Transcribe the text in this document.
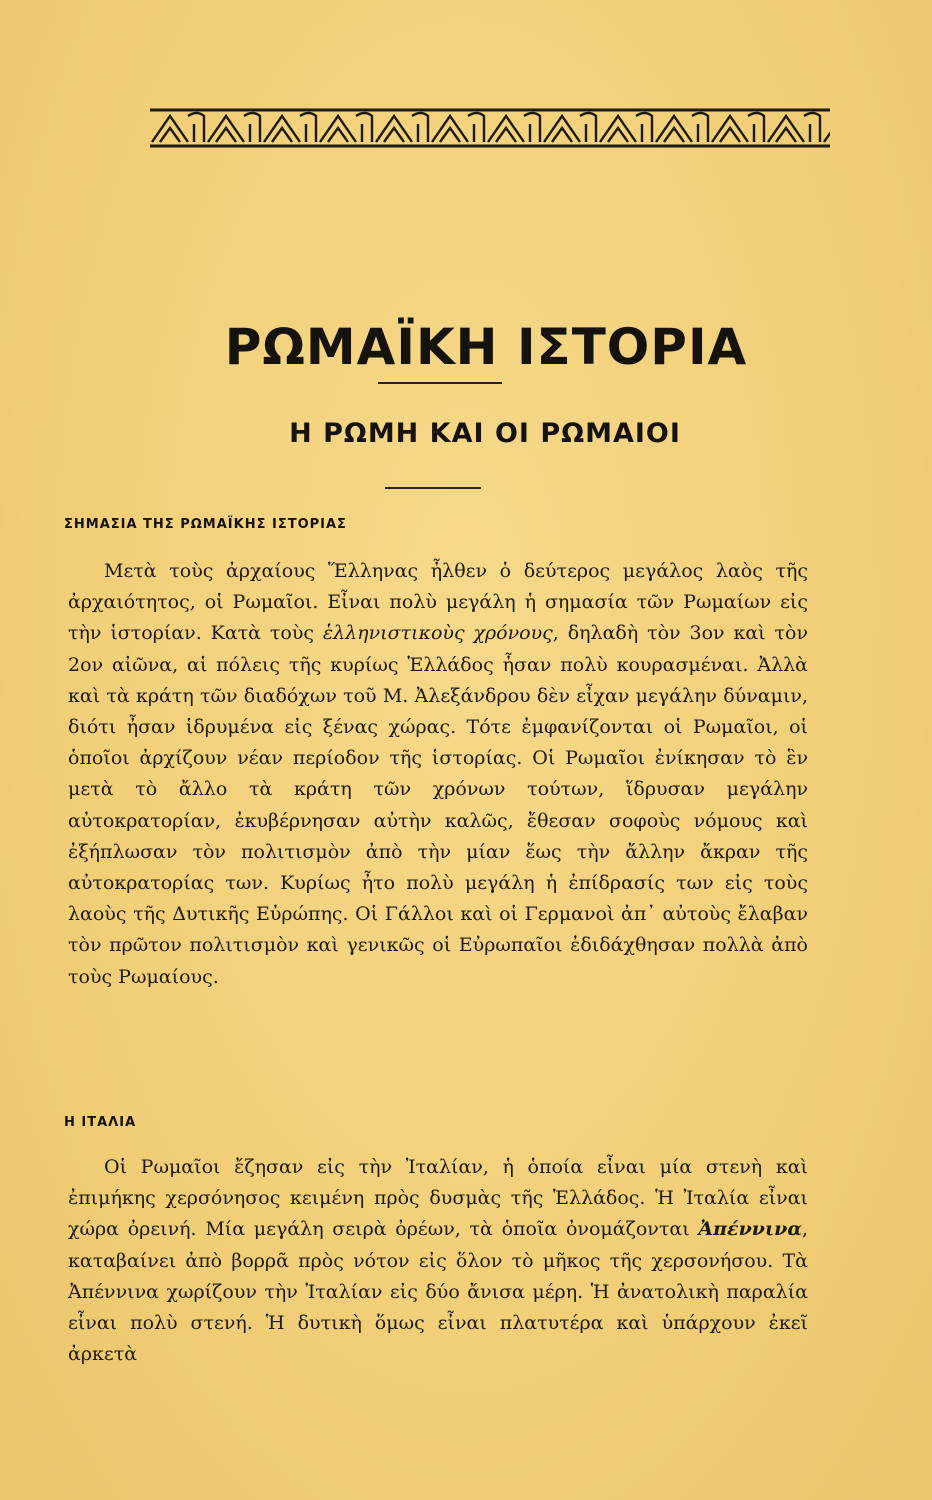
ΡΩΜΑΪΚΗ ΙΣΤΟΡΙΑ
Η ΡΩΜΗ ΚΑΙ ΟΙ ΡΩΜΑΙΟΙ
ΣΗΜΑΣΙΑ ΤΗΣ ΡΩΜΑΪΚΗΣ ΙΣΤΟΡΙΑΣ
Μετὰ τοὺς ἀρχαίους Ἕλληνας ἦλθεν ὁ δεύτερος μεγάλος λαὸς τῆς ἀρχαιότητος, οἱ Ρωμαῖοι. Εἶναι πολὺ μεγάλη ἡ σημασία τῶν Ρωμαίων εἰς τὴν ἱστορίαν. Κατὰ τοὺς ἑλληνιστικοὺς χρόνους, δηλαδὴ τὸν 3ον καὶ τὸν 2ον αἰῶνα, αἱ πόλεις τῆς κυρίως Ἑλλάδος ἦσαν πολὺ κουρασμέναι. Ἀλλὰ καὶ τὰ κράτη τῶν διαδόχων τοῦ Μ. Ἀλεξάνδρου δὲν εἶχαν μεγάλην δύναμιν, διότι ἦσαν ἱδρυμένα εἰς ξένας χώρας. Τότε ἐμφανίζονται οἱ Ρωμαῖοι, οἱ ὁποῖοι ἀρχίζουν νέαν περίοδον τῆς ἱστορίας. Οἱ Ρωμαῖοι ἐνίκησαν τὸ ἓν μετὰ τὸ ἄλλο τὰ κράτη τῶν χρόνων τούτων, ἵδρυσαν μεγάλην αὐτοκρατορίαν, ἐκυβέρνησαν αὐτὴν καλῶς, ἔθεσαν σοφοὺς νόμους καὶ ἐξήπλωσαν τὸν πολιτισμὸν ἀπὸ τὴν μίαν ἕως τὴν ἄλλην ἄκραν τῆς αὐτοκρατορίας των. Κυρίως ἦτο πολὺ μεγάλη ἡ ἐπίδρασίς των εἰς τοὺς λαοὺς τῆς Δυτικῆς Εὐρώπης. Οἱ Γάλλοι καὶ οἱ Γερμανοὶ ἀπ᾿ αὐτοὺς ἔλαβαν τὸν πρῶτον πολιτισμὸν καὶ γενικῶς οἱ Εὐρωπαῖοι ἐδιδάχθησαν πολλὰ ἀπὸ τοὺς Ρωμαίους.
Η ΙΤΑΛΙΑ
Οἱ Ρωμαῖοι ἔζησαν εἰς τὴν Ἰταλίαν, ἡ ὁποία εἶναι μία στενὴ καὶ ἐπιμήκης χερσόνησος κειμένη πρὸς δυσμὰς τῆς Ἑλλάδος. Ἡ Ἰταλία εἶναι χώρα ὀρεινή. Μία μεγάλη σειρὰ ὀρέων, τὰ ὁποῖα ὀνομάζονται Ἀπέννινα, καταβαίνει ἀπὸ βορρᾶ πρὸς νότον εἰς ὅλον τὸ μῆκος τῆς χερσονήσου. Τὰ Ἀπέννινα χωρίζουν τὴν Ἰταλίαν εἰς δύο ἄνισα μέρη. Ἡ ἀνατολικὴ παραλία εἶναι πολὺ στενή. Ἡ δυτικὴ ὅμως εἶναι πλατυτέρα καὶ ὑπάρχουν ἐκεῖ ἀρκετὰ
